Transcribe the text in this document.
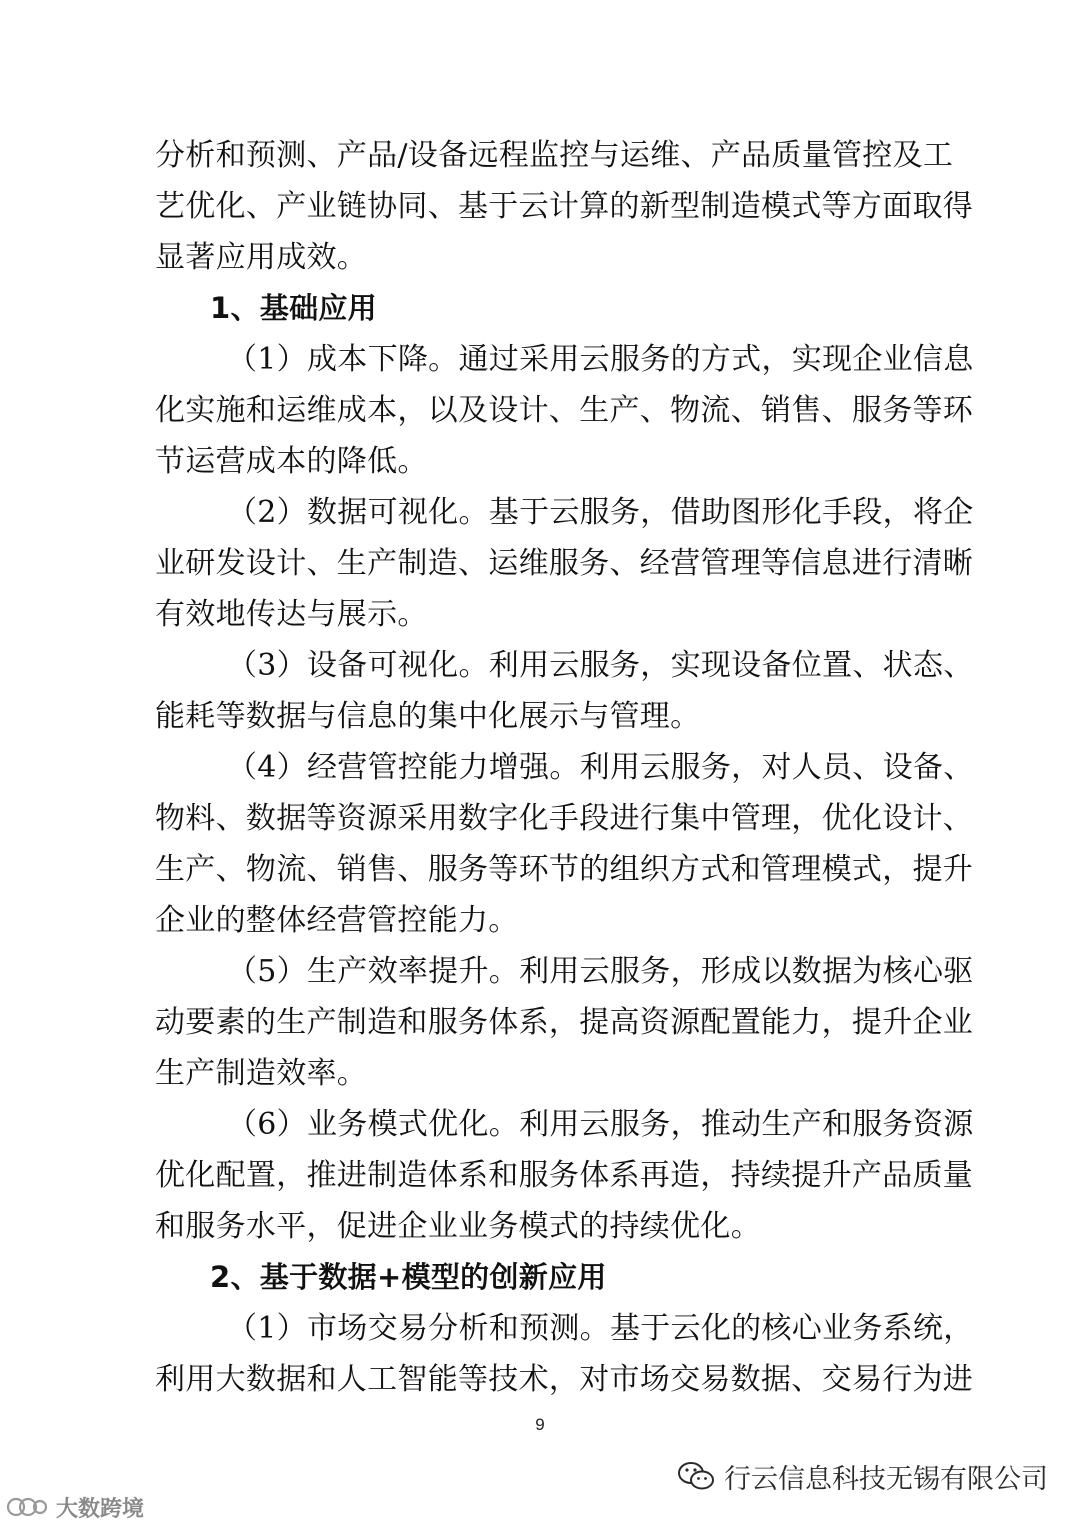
分析和预测、产品/设备远程监控与运维、产品质量管控及工
艺优化、产业链协同、基于云计算的新型制造模式等方面取得
显著应用成效。
1、基础应用
（1）成本下降。通过采用云服务的方式，实现企业信息
化实施和运维成本，以及设计、生产、物流、销售、服务等环
节运营成本的降低。
（2）数据可视化。基于云服务，借助图形化手段，将企
业研发设计、生产制造、运维服务、经营管理等信息进行清晰
有效地传达与展示。
（3）设备可视化。利用云服务，实现设备位置、状态、
能耗等数据与信息的集中化展示与管理。
（4）经营管控能力增强。利用云服务，对人员、设备、
物料、数据等资源采用数字化手段进行集中管理，优化设计、
生产、物流、销售、服务等环节的组织方式和管理模式，提升
企业的整体经营管控能力。
（5）生产效率提升。利用云服务，形成以数据为核心驱
动要素的生产制造和服务体系，提高资源配置能力，提升企业
生产制造效率。
（6）业务模式优化。利用云服务，推动生产和服务资源
优化配置，推进制造体系和服务体系再造，持续提升产品质量
和服务水平，促进企业业务模式的持续优化。
2、基于数据+模型的创新应用
（1）市场交易分析和预测。基于云化的核心业务系统，
利用大数据和人工智能等技术，对市场交易数据、交易行为进
9
行云信息科技无锡有限公司
大数跨境
